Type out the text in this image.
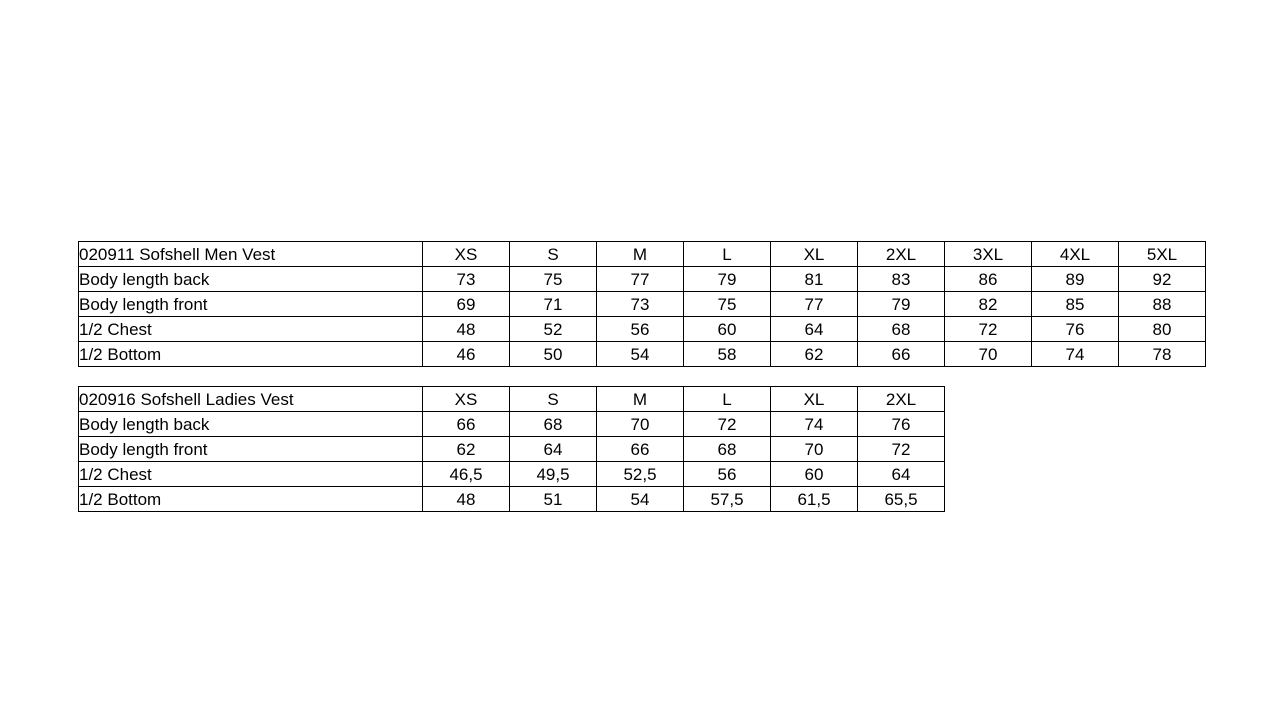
020911 Sofshell Men Vest	XS	S	M	L	XL	2XL	3XL	4XL	5XL
Body length back	73	75	77	79	81	83	86	89	92
Body length front	69	71	73	75	77	79	82	85	88
1/2 Chest	48	52	56	60	64	68	72	76	80
1/2 Bottom	46	50	54	58	62	66	70	74	78
020916 Sofshell Ladies Vest	XS	S	M	L	XL	2XL
Body length back	66	68	70	72	74	76
Body length front	62	64	66	68	70	72
1/2 Chest	46,5	49,5	52,5	56	60	64
1/2 Bottom	48	51	54	57,5	61,5	65,5
